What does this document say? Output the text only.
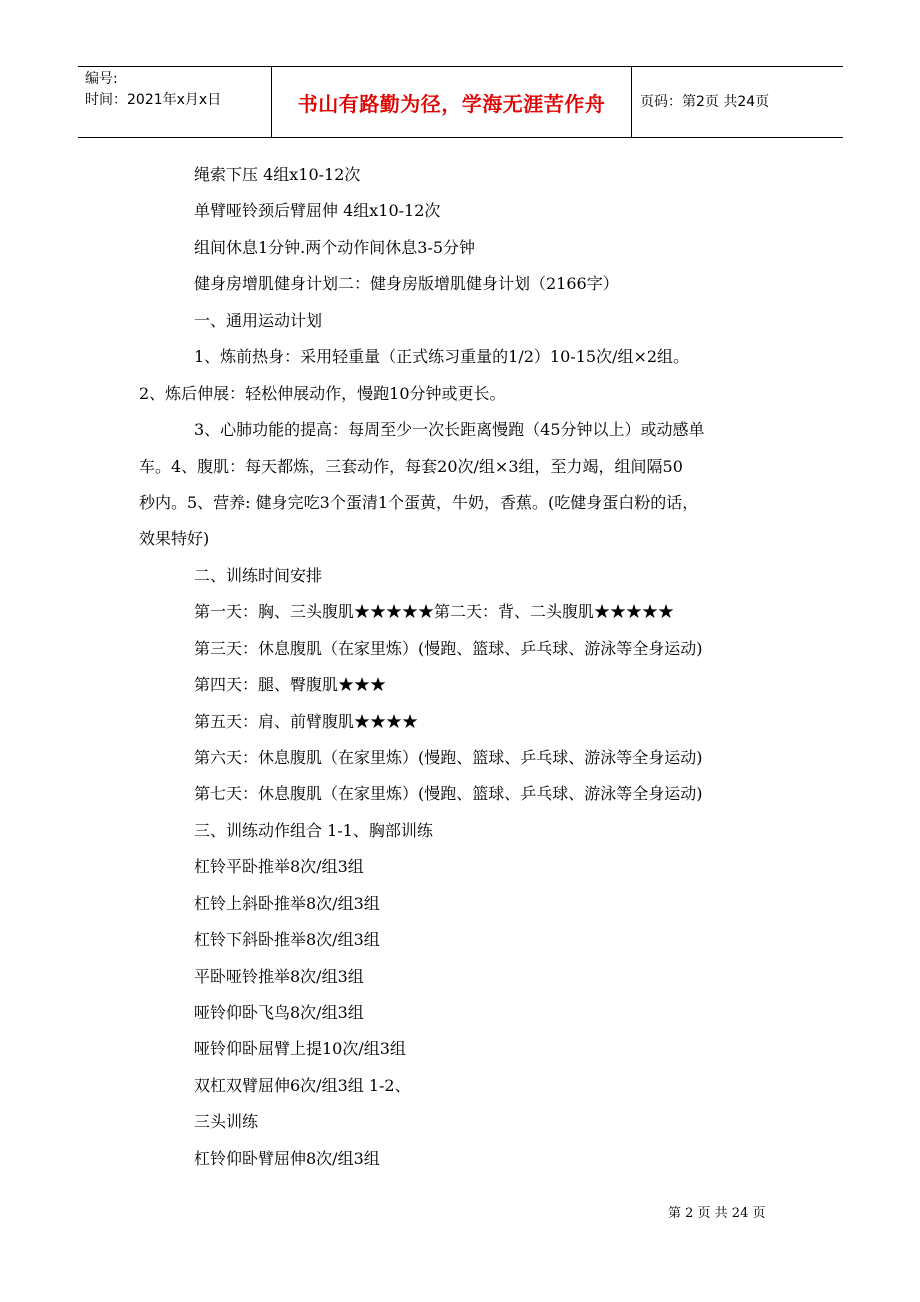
编号:
时间：2021年x月x日	书山有路勤为径，学海无涯苦作舟 页码：第2页 共24页
绳索下压 4组x10-12次
单臂哑铃颈后臂屈伸 4组x10-12次
组间休息1分钟.两个动作间休息3-5分钟
健身房增肌健身计划二：健身房版增肌健身计划（2166字）
一、通用运动计划
1、炼前热身：采用轻重量（正式练习重量的1/2）10-15次/组×2组。
2、炼后伸展：轻松伸展动作，慢跑10分钟或更长。
3、心肺功能的提高：每周至少一次长距离慢跑（45分钟以上）或动感单
车。4、腹肌：每天都炼，三套动作，每套20次/组×3组，至力竭，组间隔50
秒内。5、营养: 健身完吃3个蛋清1个蛋黄，牛奶，香蕉。(吃健身蛋白粉的话，
效果特好)
二、训练时间安排
第一天：胸、三头腹肌★★★★★第二天：背、二头腹肌★★★★★
第三天：休息腹肌（在家里炼）(慢跑、篮球、乒乓球、游泳等全身运动)
第四天：腿、臀腹肌★★★
第五天：肩、前臂腹肌★★★★
第六天：休息腹肌（在家里炼）(慢跑、篮球、乒乓球、游泳等全身运动)
第七天：休息腹肌（在家里炼）(慢跑、篮球、乒乓球、游泳等全身运动)
三、训练动作组合 1-1、胸部训练
杠铃平卧推举8次/组3组
杠铃上斜卧推举8次/组3组
杠铃下斜卧推举8次/组3组
平卧哑铃推举8次/组3组
哑铃仰卧飞鸟8次/组3组
哑铃仰卧屈臂上提10次/组3组
双杠双臂屈伸6次/组3组 1-2、
三头训练
杠铃仰卧臂屈伸8次/组3组
第 2 页 共 24 页
